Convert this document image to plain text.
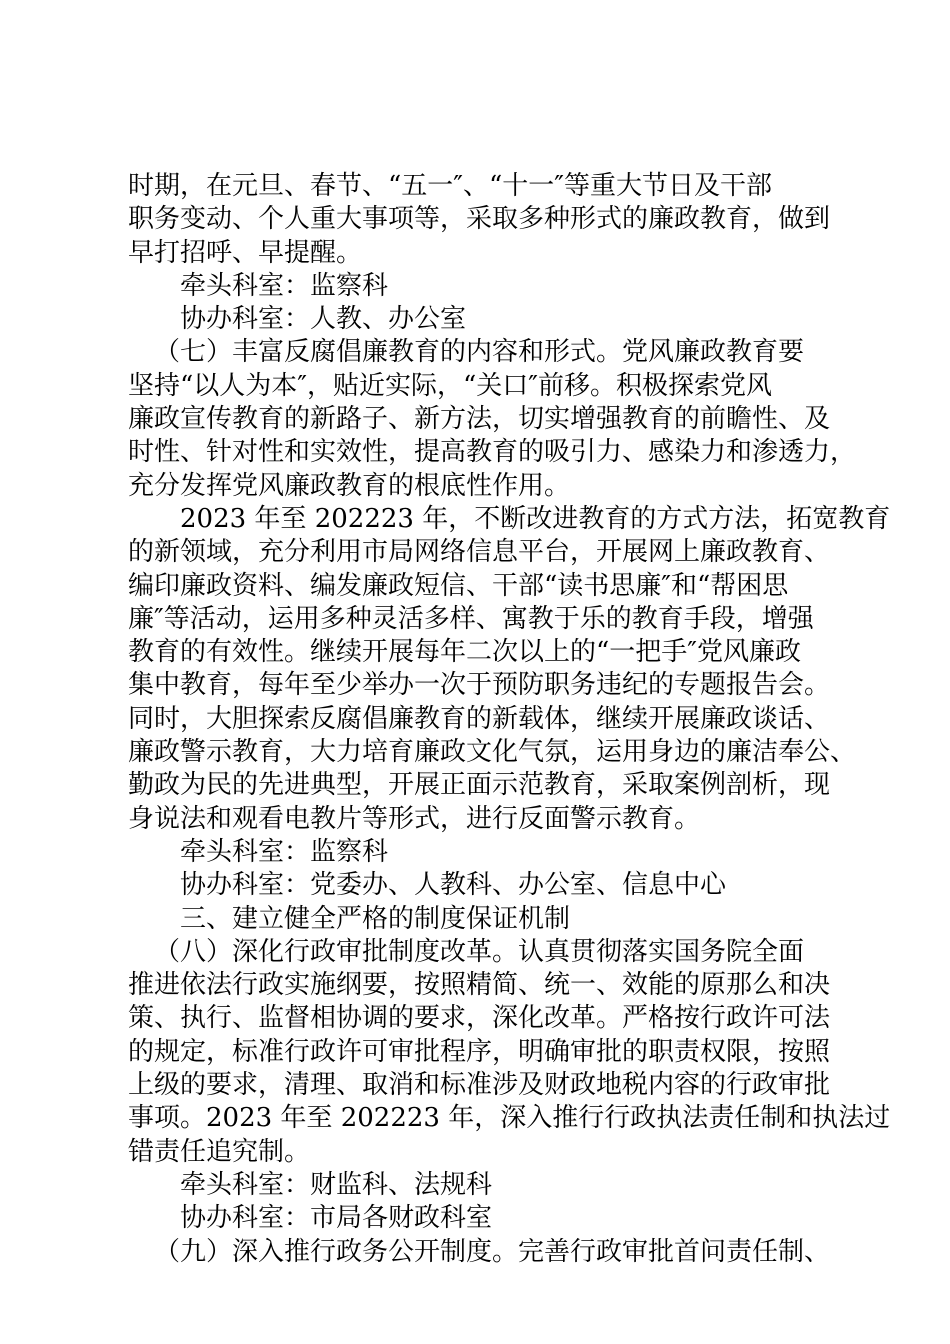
时期，在元旦、春节、“五一″、“十一″等重大节日及干部
职务变动、个人重大事项等，采取多种形式的廉政教育，做到
早打招呼、早提醒。

牵头科室：监察科

协办科室：人教、办公室

（七）丰富反腐倡廉教育的内容和形式。党风廉政教育要
坚持“以人为本″，贴近实际，“关口″前移。积极探索党风
廉政宣传教育的新路子、新方法，切实增强教育的前瞻性、及
时性、针对性和实效性，提高教育的吸引力、感染力和渗透力，
充分发挥党风廉政教育的根底性作用。

2023 年至 202223 年，不断改进教育的方式方法，拓宽教育
的新领域，充分利用市局网络信息平台，开展网上廉政教育、
编印廉政资料、编发廉政短信、干部“读书思廉″和“帮困思
廉″等活动，运用多种灵活多样、寓教于乐的教育手段，增强
教育的有效性。继续开展每年二次以上的“一把手″党风廉政
集中教育，每年至少举办一次于预防职务违纪的专题报告会。
同时，大胆探索反腐倡廉教育的新载体，继续开展廉政谈话、
廉政警示教育，大力培育廉政文化气氛，运用身边的廉洁奉公、
勤政为民的先进典型，开展正面示范教育，采取案例剖析，现
身说法和观看电教片等形式，进行反面警示教育。

牵头科室：监察科

协办科室：党委办、人教科、办公室、信息中心

三、建立健全严格的制度保证机制

（八）深化行政审批制度改革。认真贯彻落实国务院全面
推进依法行政实施纲要，按照精简、统一、效能的原那么和决
策、执行、监督相协调的要求，深化改革。严格按行政许可法
的规定，标准行政许可审批程序，明确审批的职责权限，按照
上级的要求，清理、取消和标准涉及财政地税内容的行政审批
事项。2023 年至 202223 年，深入推行行政执法责任制和执法过
错责任追究制。

牵头科室：财监科、法规科

协办科室：市局各财政科室

（九）深入推行政务公开制度。完善行政审批首问责任制、
